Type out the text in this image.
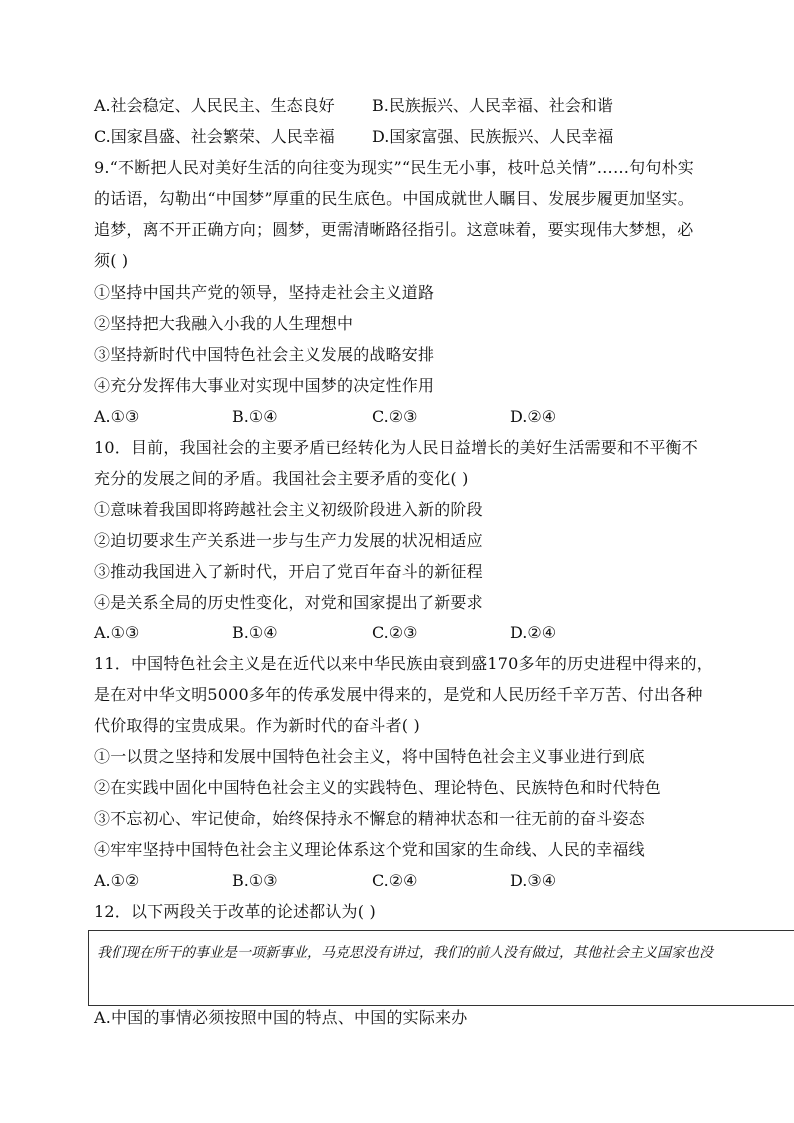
A.社会稳定、人民民主、生态良好 B.民族振兴、人民幸福、社会和谐
C.国家昌盛、社会繁荣、人民幸福 D.国家富强、民族振兴、人民幸福
9.“不断把人民对美好生活的向往变为现实”“民生无小事，枝叶总关情”……句句朴实
的话语，勾勒出“中国梦”厚重的民生底色。中国成就世人瞩目、发展步履更加坚实。
追梦，离不开正确方向；圆梦，更需清晰路径指引。这意味着，要实现伟大梦想，必
须( )
①坚持中国共产党的领导，坚持走社会主义道路
②坚持把大我融入小我的人生理想中
③坚持新时代中国特色社会主义发展的战略安排
④充分发挥伟大事业对实现中国梦的决定性作用
A.①③	B.①④	C.②③	D.②④
10．目前，我国社会的主要矛盾已经转化为人民日益增长的美好生活需要和不平衡不
充分的发展之间的矛盾。我国社会主要矛盾的变化( )
①意味着我国即将跨越社会主义初级阶段进入新的阶段
②迫切要求生产关系进一步与生产力发展的状况相适应
③推动我国进入了新时代，开启了党百年奋斗的新征程
④是关系全局的历史性变化，对党和国家提出了新要求
A.①③	B.①④	C.②③	D.②④
11．中国特色社会主义是在近代以来中华民族由衰到盛170多年的历史进程中得来的，
是在对中华文明5000多年的传承发展中得来的，是党和人民历经千辛万苦、付出各种
代价取得的宝贵成果。作为新时代的奋斗者( )
①一以贯之坚持和发展中国特色社会主义，将中国特色社会主义事业进行到底
②在实践中固化中国特色社会主义的实践特色、理论特色、民族特色和时代特色
③不忘初心、牢记使命，始终保持永不懈怠的精神状态和一往无前的奋斗姿态
④牢牢坚持中国特色社会主义理论体系这个党和国家的生命线、人民的幸福线
A.①②	B.①③	C.②④	D.③④
12．以下两段关于改革的论述都认为( )
我们现在所干的事业是一项新事业，马克思没有讲过，我们的前人没有做过，其他社会主义国家也没
A.中国的事情必须按照中国的特点、中国的实际来办
